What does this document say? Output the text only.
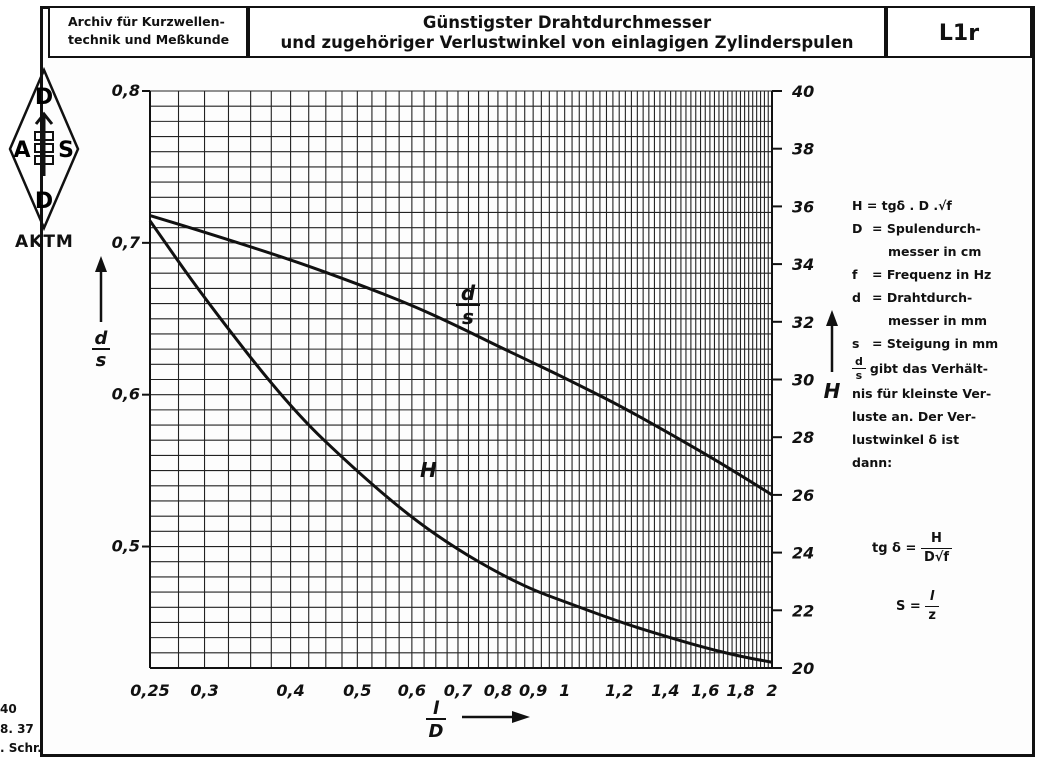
Archiv für Kurzwellen-
technik und Meßkunde
Günstigster Drahtdurchmesser
und zugehöriger Verlustwinkel von einlagigen Zylinderspulen	L1r
D
A S
D
AKTM
40
8. 37
. Schr.
0,25 0,3	0,4 0,5 0,6 0,7 0,8 0,9 1 1,2 1,4 1,6 1,8 2
0,5
0,6
0,7
0,8
20
22
24
26
28
30
32
34
36
38
40
H
d
s
l
D
d
s
H
H = tgδ . D .√f
D = Spulendurch-
messer in cm
f	= Frequenz in Hz
d = Drahtdurch-
messer in mm
s	= Steigung in mm
$\frac{d}{s}$ gibt das Verhält-
nis für kleinste Ver-
luste an. Der Ver-
lustwinkel δ ist
dann:
tg $\delta = \frac{H}{D√f}$
$S = \frac{l}{z}$
